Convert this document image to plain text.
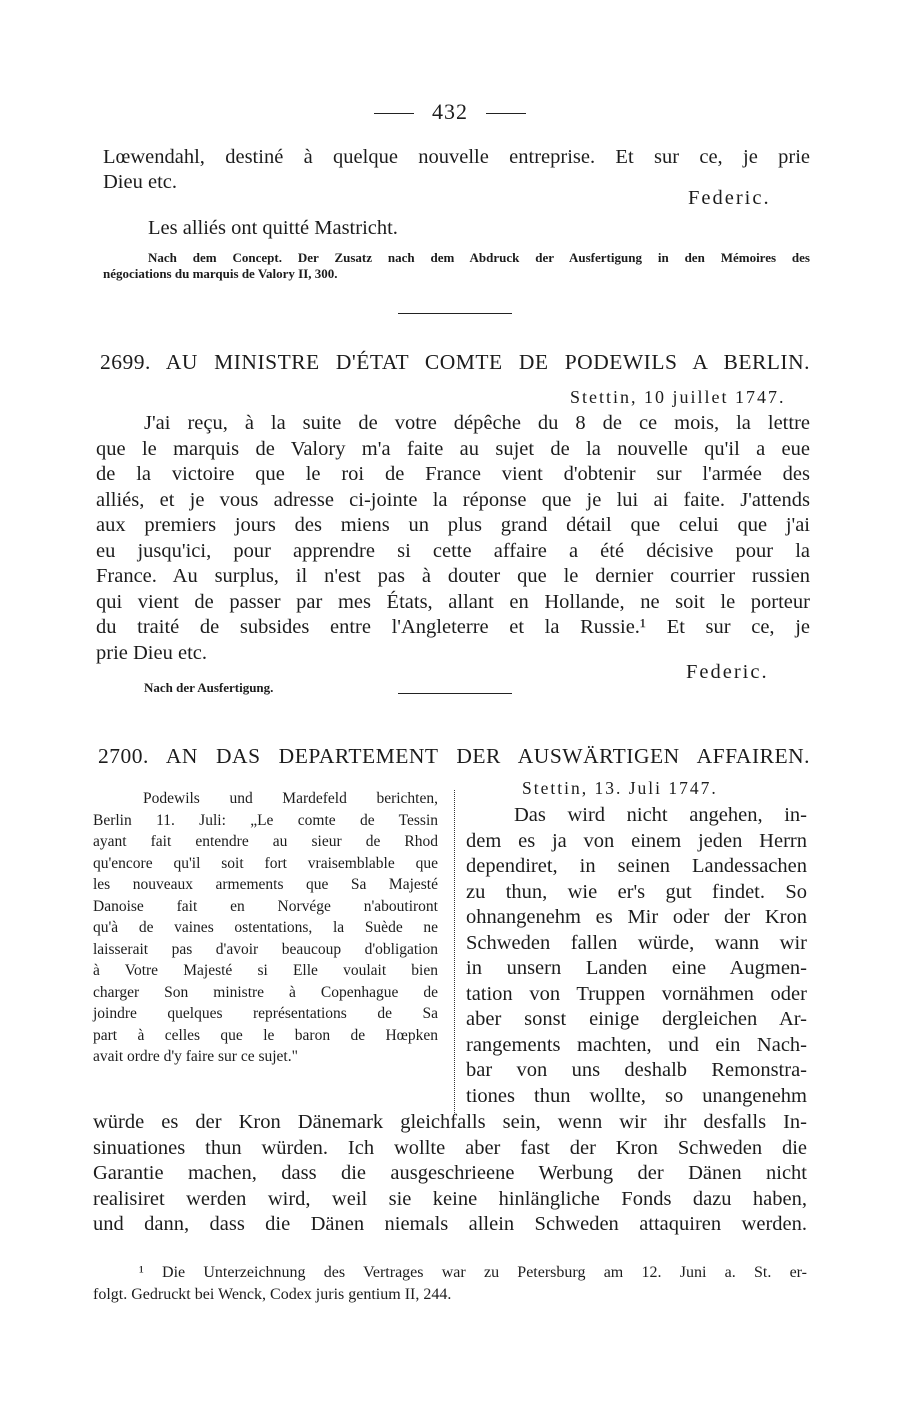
432
Lœwendahl, destiné à quelque nouvelle entreprise. Et sur ce, je prie
Dieu etc.
Federic.
Les alliés ont quitté Mastricht.
Nach dem Concept. Der Zusatz nach dem Abdruck der Ausfertigung in den Mémoires des
négociations du marquis de Valory II, 300.
2699. AU MINISTRE D'ÉTAT COMTE DE PODEWILS A BERLIN.
Stettin, 10 juillet 1747.
J'ai reçu, à la suite de votre dépêche du 8 de ce mois, la lettre
que le marquis de Valory m'a faite au sujet de la nouvelle qu'il a eue
de la victoire que le roi de France vient d'obtenir sur l'armée des
alliés, et je vous adresse ci-jointe la réponse que je lui ai faite. J'attends
aux premiers jours des miens un plus grand détail que celui que j'ai
eu jusqu'ici, pour apprendre si cette affaire a été décisive pour la
France. Au surplus, il n'est pas à douter que le dernier courrier russien
qui vient de passer par mes États, allant en Hollande, ne soit le porteur
du traité de subsides entre l'Angleterre et la Russie.¹ Et sur ce, je
prie Dieu etc.
Federic.
Nach der Ausfertigung.
2700. AN DAS DEPARTEMENT DER AUSWÄRTIGEN AFFAIREN.
Podewils und Mardefeld berichten,
Berlin 11. Juli: „Le comte de Tessin
ayant fait entendre au sieur de Rhod
qu'encore qu'il soit fort vraisemblable que
les nouveaux armements que Sa Majesté
Danoise fait en Norvége n'aboutiront
qu'à de vaines ostentations, la Suède ne
laisserait pas d'avoir beaucoup d'obligation
à Votre Majesté si Elle voulait bien
charger Son ministre à Copenhague de
joindre quelques représentations de Sa
part à celles que le baron de Hœpken
avait ordre d'y faire sur ce sujet."
Stettin, 13. Juli 1747.
Das wird nicht angehen, in-
dem es ja von einem jeden Herrn
dependiret, in seinen Landessachen
zu thun, wie er's gut findet. So
ohnangenehm es Mir oder der Kron
Schweden fallen würde, wann wir
in unsern Landen eine Augmen-
tation von Truppen vornähmen oder
aber sonst einige dergleichen Ar-
rangements machten, und ein Nach-
bar von uns deshalb Remonstra-
tiones thun wollte, so unangenehm
würde es der Kron Dänemark gleichfalls sein, wenn wir ihr desfalls In-
sinuationes thun würden. Ich wollte aber fast der Kron Schweden die
Garantie machen, dass die ausgeschrieene Werbung der Dänen nicht
realisiret werden wird, weil sie keine hinlängliche Fonds dazu haben,
und dann, dass die Dänen niemals allein Schweden attaquiren werden.
¹ Die Unterzeichnung des Vertrages war zu Petersburg am 12. Juni a. St. er-
folgt. Gedruckt bei Wenck, Codex juris gentium II, 244.
